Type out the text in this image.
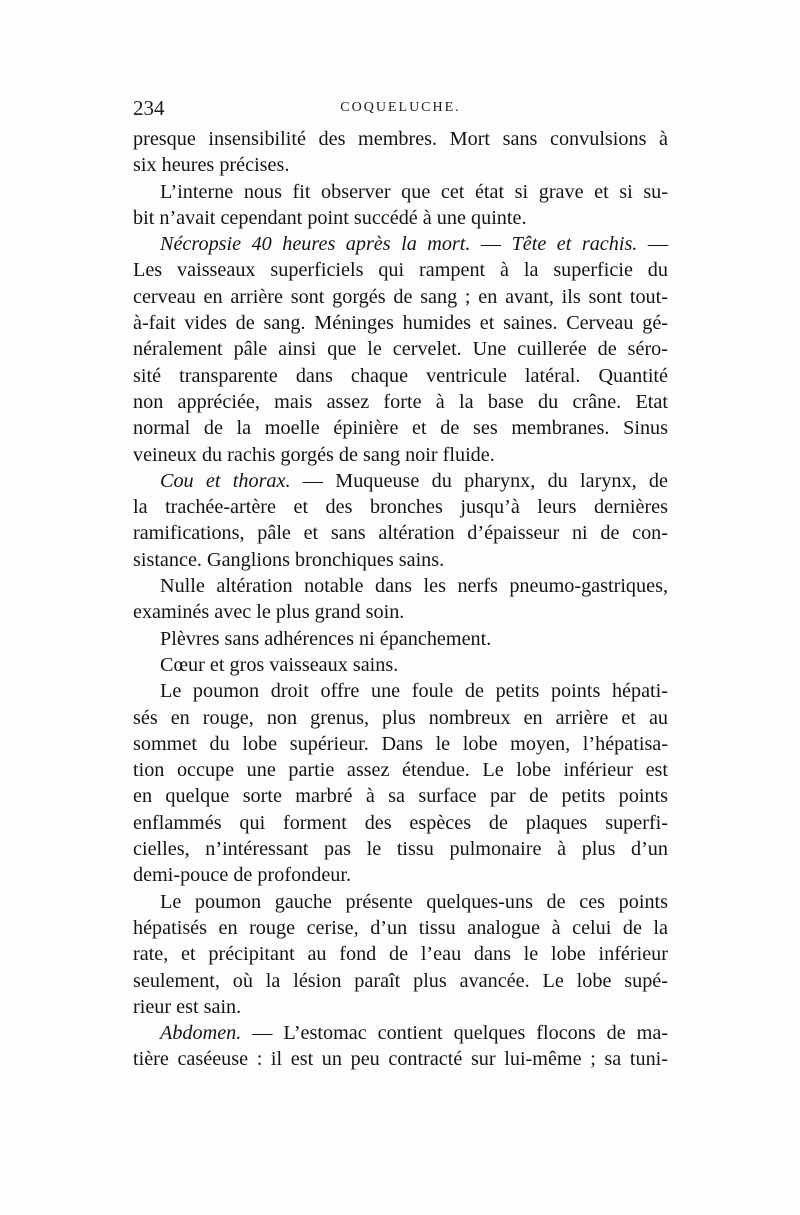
234	COQUELUCHE.
presque insensibilité des membres. Mort sans convulsions à
six heures précises.
L’interne nous fit observer que cet état si grave et si su-
bit n’avait cependant point succédé à une quinte.
Nécropsie 40 heures après la mort. — Tête et rachis. —
Les vaisseaux superficiels qui rampent à la superficie du
cerveau en arrière sont gorgés de sang ; en avant, ils sont tout-
à-fait vides de sang. Méninges humides et saines. Cerveau gé-
néralement pâle ainsi que le cervelet. Une cuillerée de séro-
sité transparente dans chaque ventricule latéral. Quantité
non appréciée, mais assez forte à la base du crâne. Etat
normal de la moelle épinière et de ses membranes. Sinus
veineux du rachis gorgés de sang noir fluide.
Cou et thorax. — Muqueuse du pharynx, du larynx, de
la trachée-artère et des bronches jusqu’à leurs dernières
ramifications, pâle et sans altération d’épaisseur ni de con-
sistance. Ganglions bronchiques sains.
Nulle altération notable dans les nerfs pneumo-gastriques,
examinés avec le plus grand soin.
Plèvres sans adhérences ni épanchement.
Cœur et gros vaisseaux sains.
Le poumon droit offre une foule de petits points hépati-
sés en rouge, non grenus, plus nombreux en arrière et au
sommet du lobe supérieur. Dans le lobe moyen, l’hépatisa-
tion occupe une partie assez étendue. Le lobe inférieur est
en quelque sorte marbré à sa surface par de petits points
enflammés qui forment des espèces de plaques superfi-
cielles, n’intéressant pas le tissu pulmonaire à plus d’un
demi-pouce de profondeur.
Le poumon gauche présente quelques-uns de ces points
hépatisés en rouge cerise, d’un tissu analogue à celui de la
rate, et précipitant au fond de l’eau dans le lobe inférieur
seulement, où la lésion paraît plus avancée. Le lobe supé-
rieur est sain.
Abdomen. — L’estomac contient quelques flocons de ma-
tière caséeuse : il est un peu contracté sur lui-même ; sa tuni-
